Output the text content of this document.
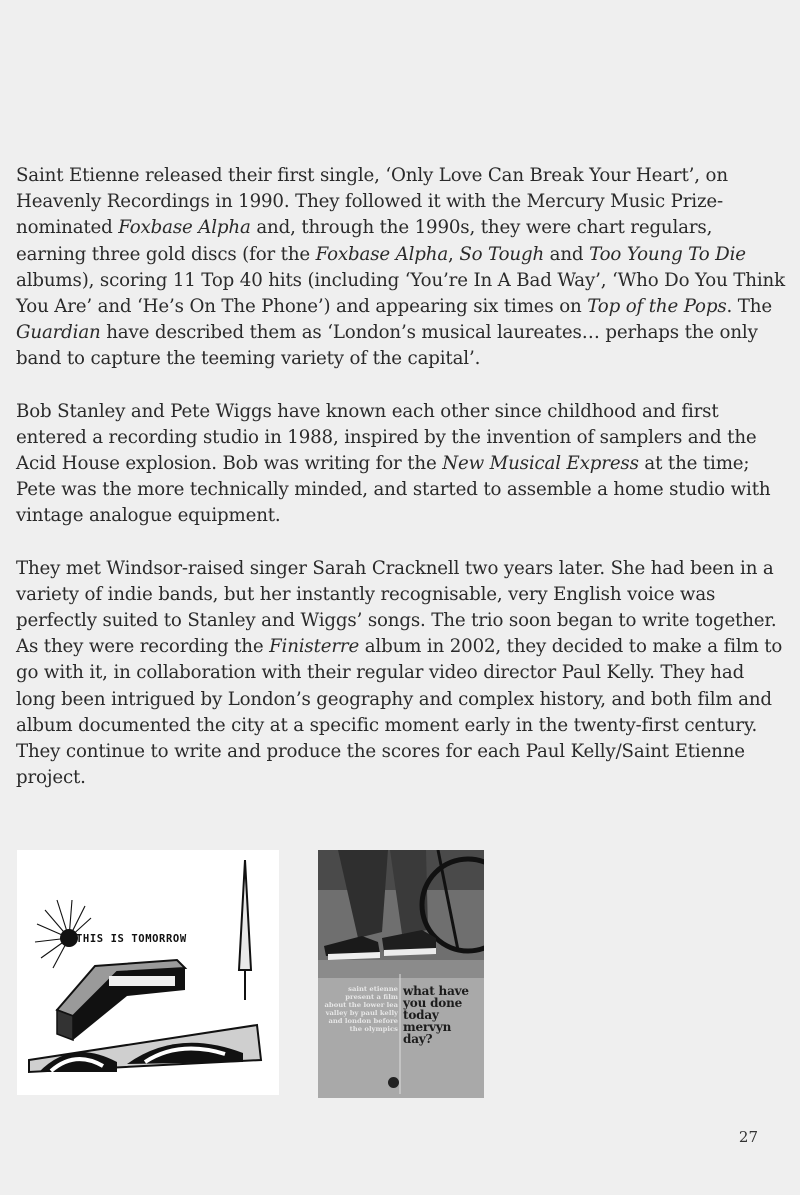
Saint Etienne released their first single, ‘Only Love Can Break Your Heart’, on Heavenly Recordings in 1990. They followed it with the Mercury Music Prize-nominated Foxbase Alpha and, through the 1990s, they were chart regulars, earning three gold discs (for the Foxbase Alpha, So Tough and Too Young To Die albums), scoring 11 Top 40 hits (including ‘You’re In A Bad Way’, ‘Who Do You Think You Are’ and ‘He’s On The Phone’) and appearing six times on Top of the Pops. The Guardian have described them as ‘London’s musical laureates… perhaps the only band to capture the teeming variety of the capital’.

Bob Stanley and Pete Wiggs have known each other since childhood and first entered a recording studio in 1988, inspired by the invention of samplers and the Acid House explosion. Bob was writing for the New Musical Express at the time; Pete was the more technically minded, and started to assemble a home studio with vintage analogue equipment.

They met Windsor-raised singer Sarah Cracknell two years later. She had been in a variety of indie bands, but her instantly recognisable, very English voice was perfectly suited to Stanley and Wiggs’ songs. The trio soon began to write together. As they were recording the Finisterre album in 2002, they decided to make a film to go with it, in collaboration with their regular video director Paul Kelly. They had long been intrigued by London’s geography and complex history, and both film and album documented the city at a specific moment early in the twenty-first century. They continue to write and produce the scores for each Paul Kelly/Saint Etienne project.

THIS IS TOMORROW
saint etienne present a film about the lower lea valley by paul kelly and london before the olympics
what have you done today mervyn day?
27
